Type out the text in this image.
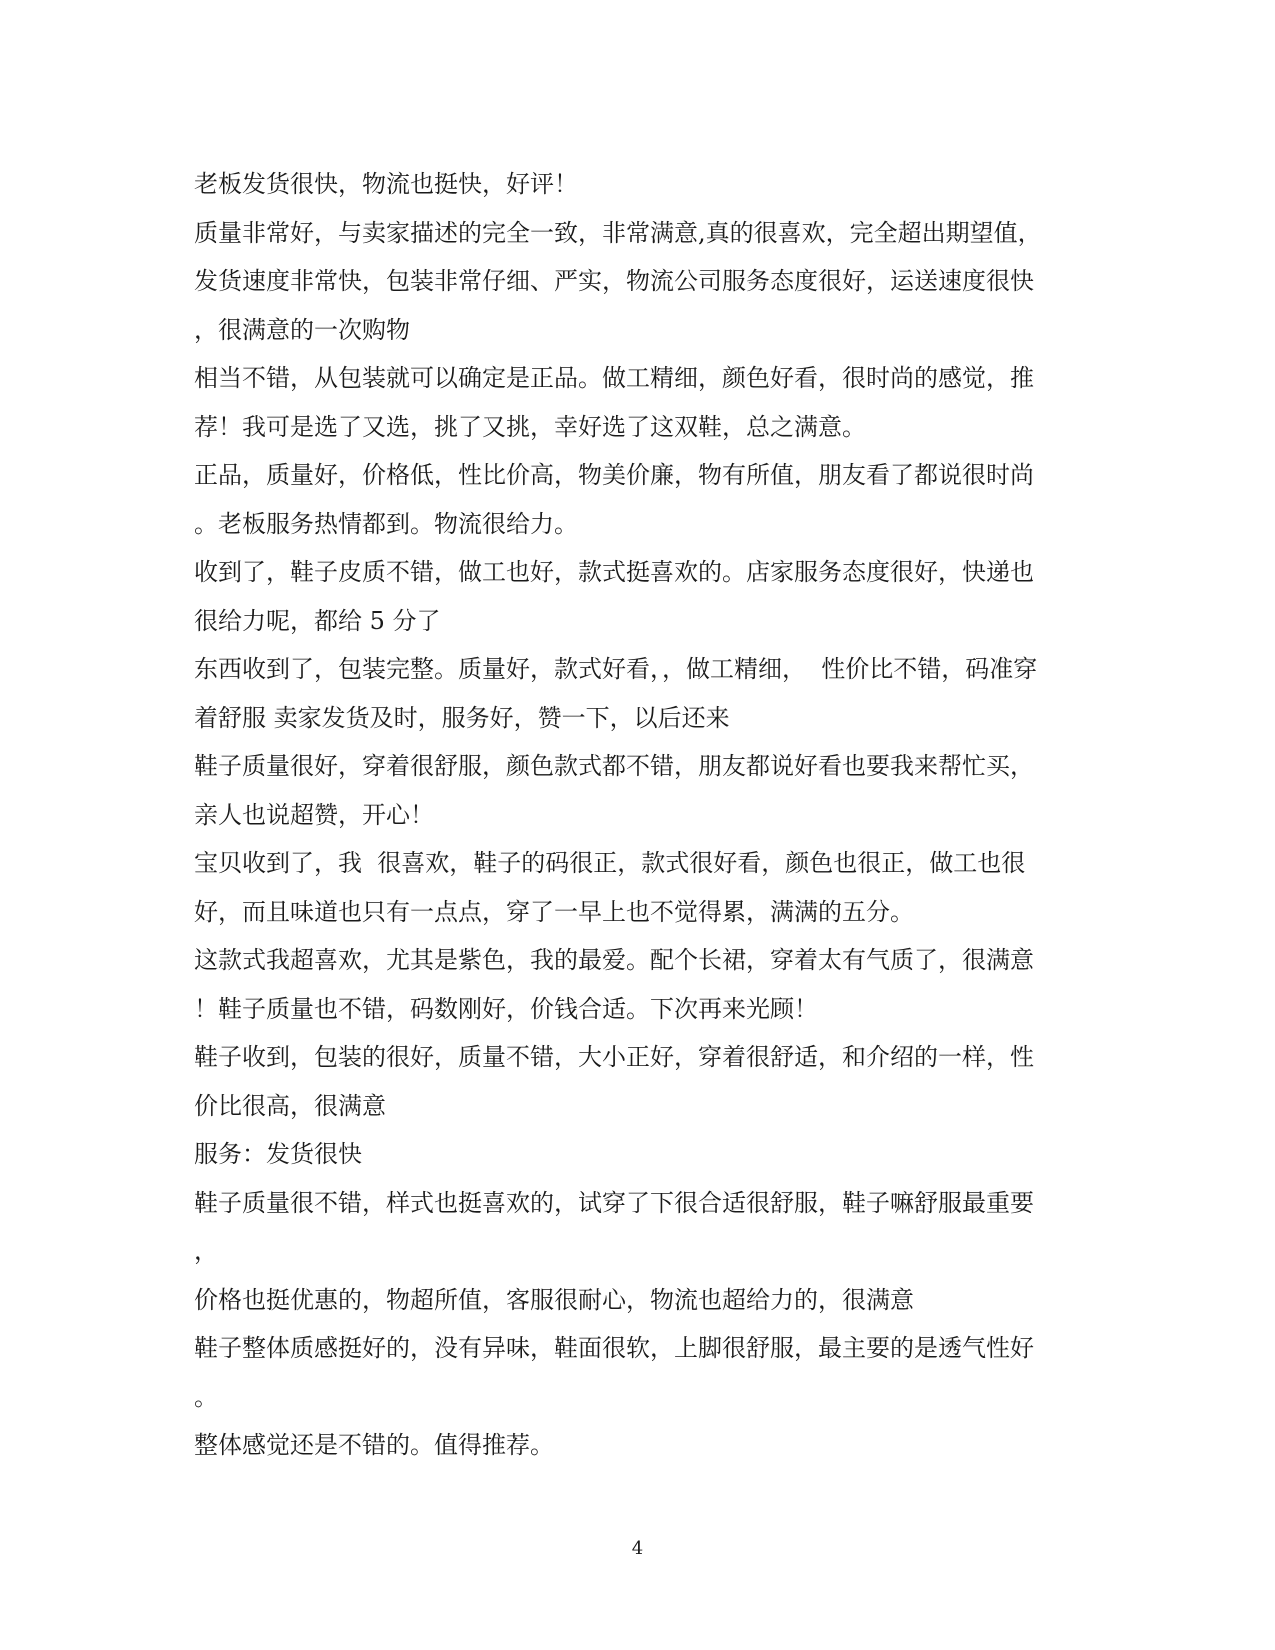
老板发货很快，物流也挺快，好评！
质量非常好，与卖家描述的完全一致，非常满意,真的很喜欢，完全超出期望值，
发货速度非常快，包装非常仔细、严实，物流公司服务态度很好，运送速度很快
，很满意的一次购物
相当不错，从包装就可以确定是正品。做工精细，颜色好看，很时尚的感觉，推
荐！我可是选了又选，挑了又挑，幸好选了这双鞋，总之满意。
正品，质量好，价格低，性比价高，物美价廉，物有所值，朋友看了都说很时尚
。老板服务热情都到。物流很给力。
收到了，鞋子皮质不错，做工也好，款式挺喜欢的。店家服务态度很好，快递也
很给力呢，都给 5 分了
东西收到了，包装完整。质量好，款式好看，，做工精细，  性价比不错，码准穿
着舒服 卖家发货及时，服务好，赞一下，以后还来
鞋子质量很好，穿着很舒服，颜色款式都不错，朋友都说好看也要我来帮忙买，
亲人也说超赞，开心！
宝贝收到了，我  很喜欢，鞋子的码很正，款式很好看，颜色也很正，做工也很
好，而且味道也只有一点点，穿了一早上也不觉得累，满满的五分。
这款式我超喜欢，尤其是紫色，我的最爱。配个长裙，穿着太有气质了，很满意
！鞋子质量也不错，码数刚好，价钱合适。下次再来光顾！
鞋子收到，包装的很好，质量不错，大小正好，穿着很舒适，和介绍的一样，性
价比很高，很满意
服务：发货很快
鞋子质量很不错，样式也挺喜欢的，试穿了下很合适很舒服，鞋子嘛舒服最重要
，
价格也挺优惠的，物超所值，客服很耐心，物流也超给力的，很满意
鞋子整体质感挺好的，没有异味，鞋面很软，上脚很舒服，最主要的是透气性好
。
整体感觉还是不错的。值得推荐。
4
